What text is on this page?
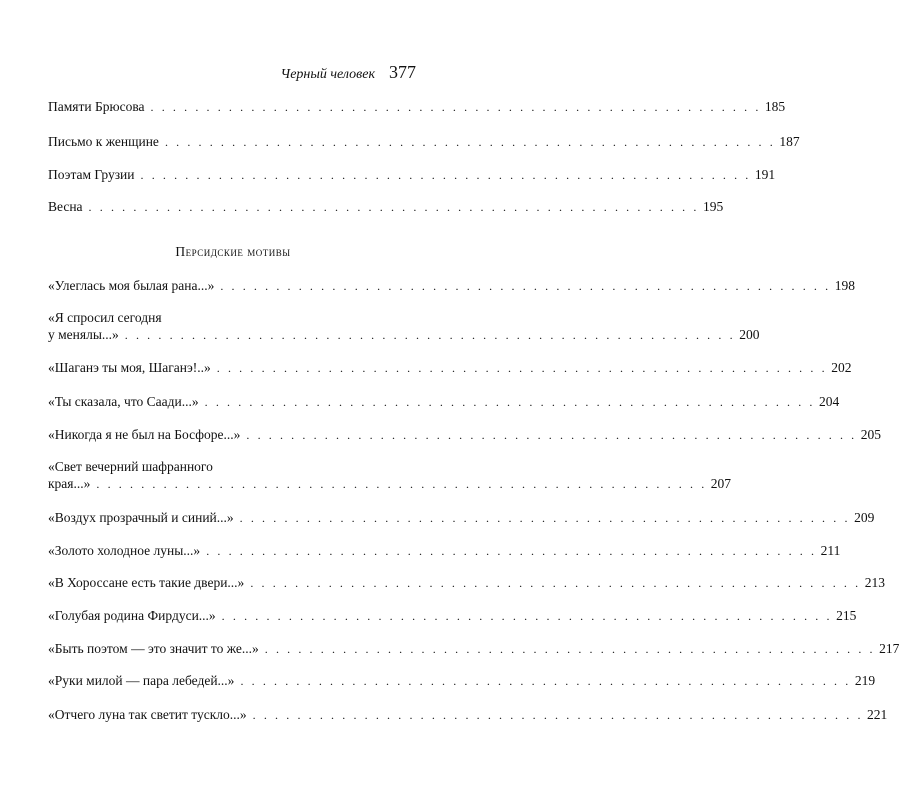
Черный человек 377
Памяти Брюсова . . . . . . . . . . . . . . . . . . . . . . . . . . . . . . . . . . . . . . . . . . . . . . . . . . . . . . . 185
Письмо к женщине . . . . . . . . . . . . . . . . . . . . . . . . . . . . . . . . . . . . . . . . . . . . . . . . . . . . . . . 187
Поэтам Грузии . . . . . . . . . . . . . . . . . . . . . . . . . . . . . . . . . . . . . . . . . . . . . . . . . . . . . . . 191
Весна . . . . . . . . . . . . . . . . . . . . . . . . . . . . . . . . . . . . . . . . . . . . . . . . . . . . . . . 195
Персидские мотивы
«Улеглась моя былая рана...» . . . . . . . . . . . . . . . . . . . . . . . . . . . . . . . . . . . . . . . . . . . . . . . . . . . . . . . 198
«Я спросил сегодня
у менялы...» . . . . . . . . . . . . . . . . . . . . . . . . . . . . . . . . . . . . . . . . . . . . . . . . . . . . . . . 200
«Шаганэ ты моя, Шаганэ!..» . . . . . . . . . . . . . . . . . . . . . . . . . . . . . . . . . . . . . . . . . . . . . . . . . . . . . . . 202
«Ты сказала, что Саади...» . . . . . . . . . . . . . . . . . . . . . . . . . . . . . . . . . . . . . . . . . . . . . . . . . . . . . . . 204
«Никогда я не был на Босфоре...» . . . . . . . . . . . . . . . . . . . . . . . . . . . . . . . . . . . . . . . . . . . . . . . . . . . . . . . 205
«Свет вечерний шафранного
края...» . . . . . . . . . . . . . . . . . . . . . . . . . . . . . . . . . . . . . . . . . . . . . . . . . . . . . . . 207
«Воздух прозрачный и синий...» . . . . . . . . . . . . . . . . . . . . . . . . . . . . . . . . . . . . . . . . . . . . . . . . . . . . . . . 209
«Золото холодное луны...» . . . . . . . . . . . . . . . . . . . . . . . . . . . . . . . . . . . . . . . . . . . . . . . . . . . . . . . 211
«В Хороссане есть такие двери...» . . . . . . . . . . . . . . . . . . . . . . . . . . . . . . . . . . . . . . . . . . . . . . . . . . . . . . . 213
«Голубая родина Фирдуси...» . . . . . . . . . . . . . . . . . . . . . . . . . . . . . . . . . . . . . . . . . . . . . . . . . . . . . . . 215
«Быть поэтом — это значит то же...» . . . . . . . . . . . . . . . . . . . . . . . . . . . . . . . . . . . . . . . . . . . . . . . . . . . . . . . 217
«Руки милой — пара лебедей...» . . . . . . . . . . . . . . . . . . . . . . . . . . . . . . . . . . . . . . . . . . . . . . . . . . . . . . . 219
«Отчего луна так светит тускло...» . . . . . . . . . . . . . . . . . . . . . . . . . . . . . . . . . . . . . . . . . . . . . . . . . . . . . . . 221
